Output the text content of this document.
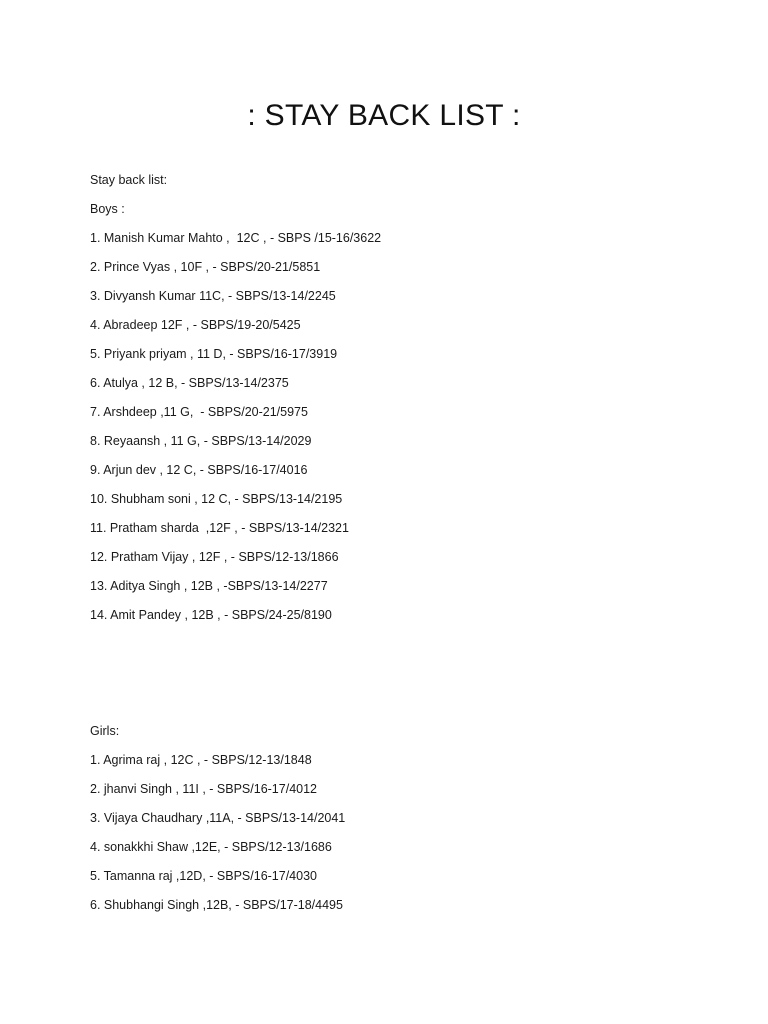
: STAY BACK LIST :
Stay back list:
Boys :
1. Manish Kumar Mahto ,  12C , - SBPS /15-16/3622
2. Prince Vyas , 10F , - SBPS/20-21/5851
3. Divyansh Kumar 11C, - SBPS/13-14/2245
4. Abradeep 12F , - SBPS/19-20/5425
5. Priyank priyam , 11 D, - SBPS/16-17/3919
6. Atulya , 12 B, - SBPS/13-14/2375
7. Arshdeep ,11 G,  - SBPS/20-21/5975
8. Reyaansh , 11 G, - SBPS/13-14/2029
9. Arjun dev , 12 C, - SBPS/16-17/4016
10. Shubham soni , 12 C, - SBPS/13-14/2195
11. Pratham sharda  ,12F , - SBPS/13-14/2321
12. Pratham Vijay , 12F , - SBPS/12-13/1866
13. Aditya Singh , 12B , -SBPS/13-14/2277
14. Amit Pandey , 12B , - SBPS/24-25/8190
Girls:
1. Agrima raj , 12C , - SBPS/12-13/1848
2. jhanvi Singh , 11I , - SBPS/16-17/4012
3. Vijaya Chaudhary ,11A, - SBPS/13-14/2041
4. sonakkhi Shaw ,12E, - SBPS/12-13/1686
5. Tamanna raj ,12D, - SBPS/16-17/4030
6. Shubhangi Singh ,12B, - SBPS/17-18/4495
